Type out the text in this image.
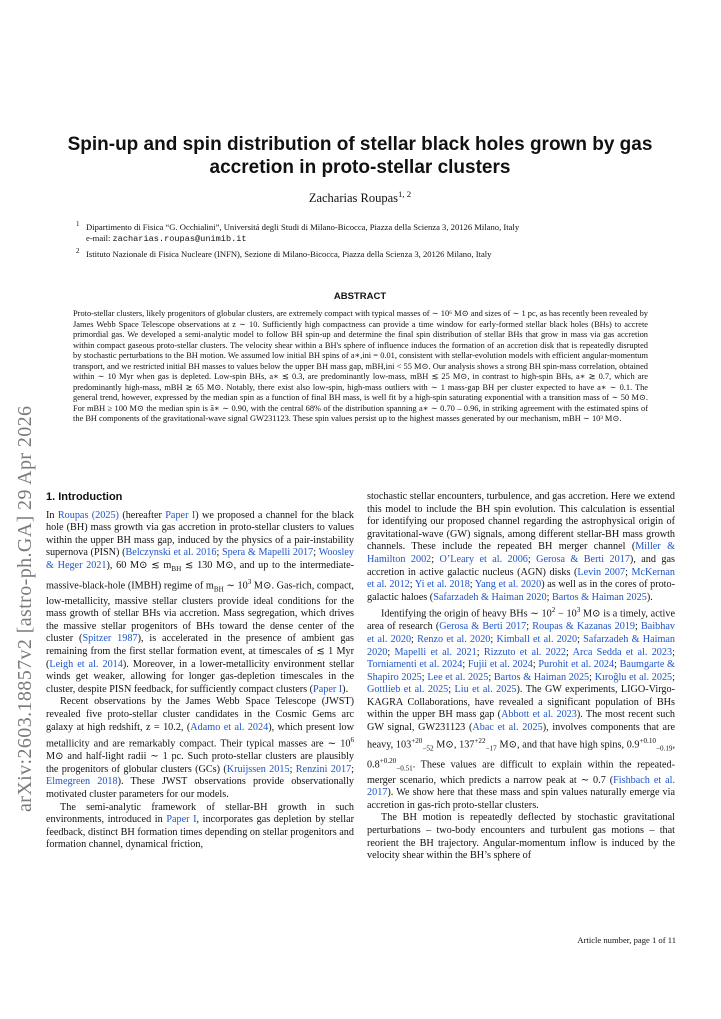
arXiv:2603.18857v2 [astro-ph.GA] 29 Apr 2026
Spin-up and spin distribution of stellar black holes grown by gas accretion in proto-stellar clusters
Zacharias Roupas$^{1, 2}$
1 Dipartimento di Fisica “G. Occhialini”, Universitá degli Studi di Milano-Bicocca, Piazza della Scienza 3, 20126 Milano, Italy
e-mail: zacharias.roupas@unimib.it
2 Istituto Nazionale di Fisica Nucleare (INFN), Sezione di Milano-Bicocca, Piazza della Scienza 3, 20126 Milano, Italy
ABSTRACT
Proto-stellar clusters, likely progenitors of globular clusters, are extremely compact with typical masses of ∼ 10⁶ M⊙ and sizes of ∼ 1 pc, as has recently been revealed by James Webb Space Telescope observations at z ∼ 10. Sufficiently high compactness can provide a time window for early-formed stellar black holes (BHs) to accrete primordial gas. We developed a semi-analytic model to follow BH spin-up and determine the final spin distribution of stellar BHs that grow in mass via gas accretion within compact gaseous proto-stellar clusters. The velocity shear within a BH's sphere of influence induces the formation of an accretion disk that is repeatedly disrupted by stochastic perturbations to the BH motion. We assumed low initial BH spins of a∗,ini = 0.01, consistent with stellar-evolution models with efficient angular-momentum transport, and we restricted initial BH masses to values below the upper BH mass gap, mBH,ini < 55 M⊙. Our analysis shows a strong BH spin-mass correlation, obtained within ∼ 10 Myr when gas is depleted. Low-spin BHs, a∗ ≲ 0.3, are predominantly low-mass, mBH ≲ 25 M⊙, in contrast to high-spin BHs, a∗ ≳ 0.7, which are predominantly high-mass, mBH ≳ 65 M⊙. Notably, there exist also low-spin, high-mass outliers with ∼ 1 mass-gap BH per cluster expected to have a∗ ∼ 0.1. The general trend, however, expressed by the median spin as a function of final BH mass, is well fit by a high-spin saturating exponential with a transition mass of ∼ 50 M⊙. For mBH ≥ 100 M⊙ the median spin is ā∗ ∼ 0.90, with the central 68% of the distribution spanning a∗ ∼ 0.70 – 0.96, in striking agreement with the estimated spins of the BH components of the gravitational-wave signal GW231123. These spin values persist up to the highest masses generated by our mechanism, mBH ∼ 10³ M⊙.
1. Introduction

In Roupas (2025) (hereafter Paper I) we proposed a channel for the black hole (BH) mass growth via gas accretion in proto-stellar clusters to values within the upper BH mass gap, induced by the physics of a pair-instability supernova (PISN) (Belczynski et al. 2016; Spera & Mapelli 2017; Woosley & Heger 2021), 60 M⊙ ≲ $m_{BH}$ ≲ 130 M⊙, and up to the intermediate-massive-black-hole (IMBH) regime of $m_{BH}$ ∼ $10^3$ M⊙. Gas-rich, compact, low-metallicity, massive stellar clusters provide ideal conditions for the mass growth of stellar BHs via accretion. Mass segregation, which drives the massive stellar progenitors of BHs toward the dense center of the cluster (Spitzer 1987), is accelerated in the presence of ambient gas remaining from the first stellar formation event, at timescales of ≲ 1 Myr (Leigh et al. 2014). Moreover, in a lower-metallicity environment stellar winds get weaker, allowing for longer gas-depletion timescales in the cluster, despite PISN feedback, for sufficiently compact clusters (Paper I).

Recent observations by the James Webb Space Telescope (JWST) revealed five proto-stellar cluster candidates in the Cosmic Gems arc galaxy at high redshift, z = 10.2, (Adamo et al. 2024), which present low metallicity and are remarkably compact. Their typical masses are ∼ $10^6$ M⊙ and half-light radii ∼ 1 pc. Such proto-stellar clusters are plausibly the progenitors of globular clusters (GCs) (Kruijssen 2015; Renzini 2017; Elmegreen 2018). These JWST observations provide observationally motivated cluster parameters for our models.

The semi-analytic framework of stellar-BH growth in such environments, introduced in Paper I, incorporates gas depletion by stellar feedback, distinct BH formation times depending on stellar progenitors and formation channel, dynamical friction,

stochastic stellar encounters, turbulence, and gas accretion. Here we extend this model to include the BH spin evolution. This calculation is essential for identifying our proposed channel regarding the astrophysical origin of gravitational-wave (GW) signals, among different stellar-BH mass growth channels. These include the repeated BH merger channel (Miller & Hamilton 2002; O’Leary et al. 2006; Gerosa & Berti 2017), and gas accretion in active galactic nucleus (AGN) disks (Levin 2007; McKernan et al. 2012; Yi et al. 2018; Yang et al. 2020) as well as in the cores of proto-galactic haloes (Safarzadeh & Haiman 2020; Bartos & Haiman 2025).

Identifying the origin of heavy BHs ∼ $10^2 - 10^3$ M⊙ is a timely, active area of research (Gerosa & Berti 2017; Roupas & Kazanas 2019; Baibhav et al. 2020; Renzo et al. 2020; Kimball et al. 2020; Safarzadeh & Haiman 2020; Mapelli et al. 2021; Rizzuto et al. 2022; Arca Sedda et al. 2023; Torniamenti et al. 2024; Fujii et al. 2024; Purohit et al. 2024; Baumgarte & Shapiro 2025; Lee et al. 2025; Bartos & Haiman 2025; Kıroğlu et al. 2025; Gottlieb et al. 2025; Liu et al. 2025). The GW experiments, LIGO-Virgo-KAGRA Collaborations, have revealed a significant population of BHs within the upper BH mass gap (Abbott et al. 2023). The most recent such GW signal, GW231123 (Abac et al. 2025), involves components that are heavy, $103^{+20}_{-52}$ M⊙, $137^{+22}_{-17}$ M⊙, and that have high spins, $0.9^{+0.10}_{-0.19}$, $0.8^{+0.20}_{-0.51}$. These values are difficult to explain within the repeated-merger scenario, which predicts a narrow peak at ∼ 0.7 (Fishbach et al. 2017). We show here that these mass and spin values naturally emerge via accretion in gas-rich proto-stellar clusters.

The BH motion is repeatedly deflected by stochastic gravitational perturbations – two-body encounters and turbulent gas motions – that reorient the BH trajectory. Angular-momentum inflow is induced by the velocity shear within the BH’s sphere of

Article number, page 1 of 11
